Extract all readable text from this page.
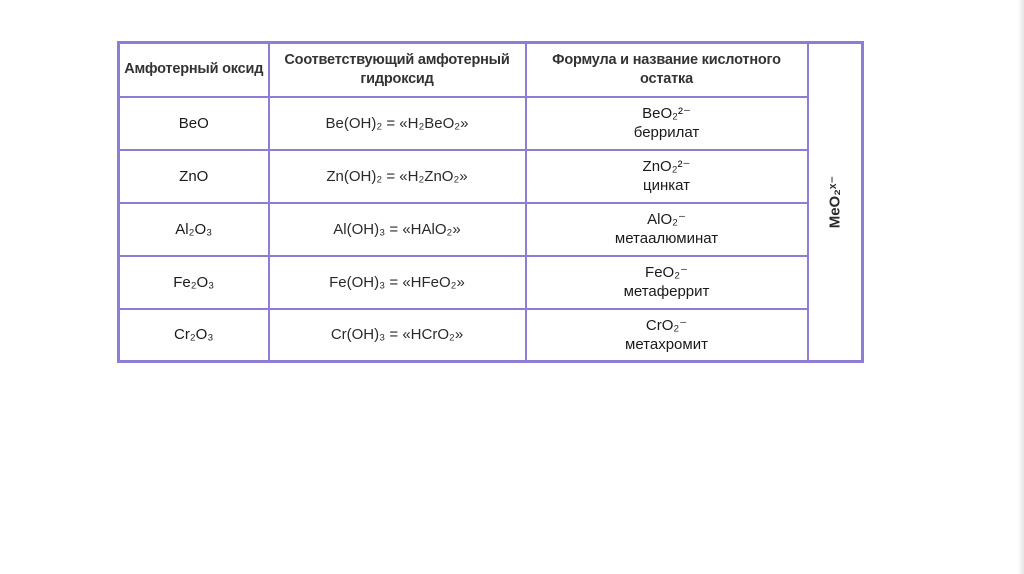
Амфотерный оксид	Соответствующий амфотерный гидроксид	Формула и название кислотного остатка	MeO₂ˣ⁻

BeO	Be(OH)₂ = «H₂BeO₂»	BeO₂²⁻
беррилат	

ZnO	Zn(OH)₂ = «H₂ZnO₂»	ZnO₂²⁻
цинкат	

Al₂O₃	Al(OH)₃ = «HAlO₂»	AlO₂⁻
метаалюминат	

Fe₂O₃	Fe(OH)₃ = «HFeO₂»	FeO₂⁻
метаферрит	

Cr₂O₃	Cr(OH)₃ = «HCrO₂»	CrO₂⁻
метахромит	
